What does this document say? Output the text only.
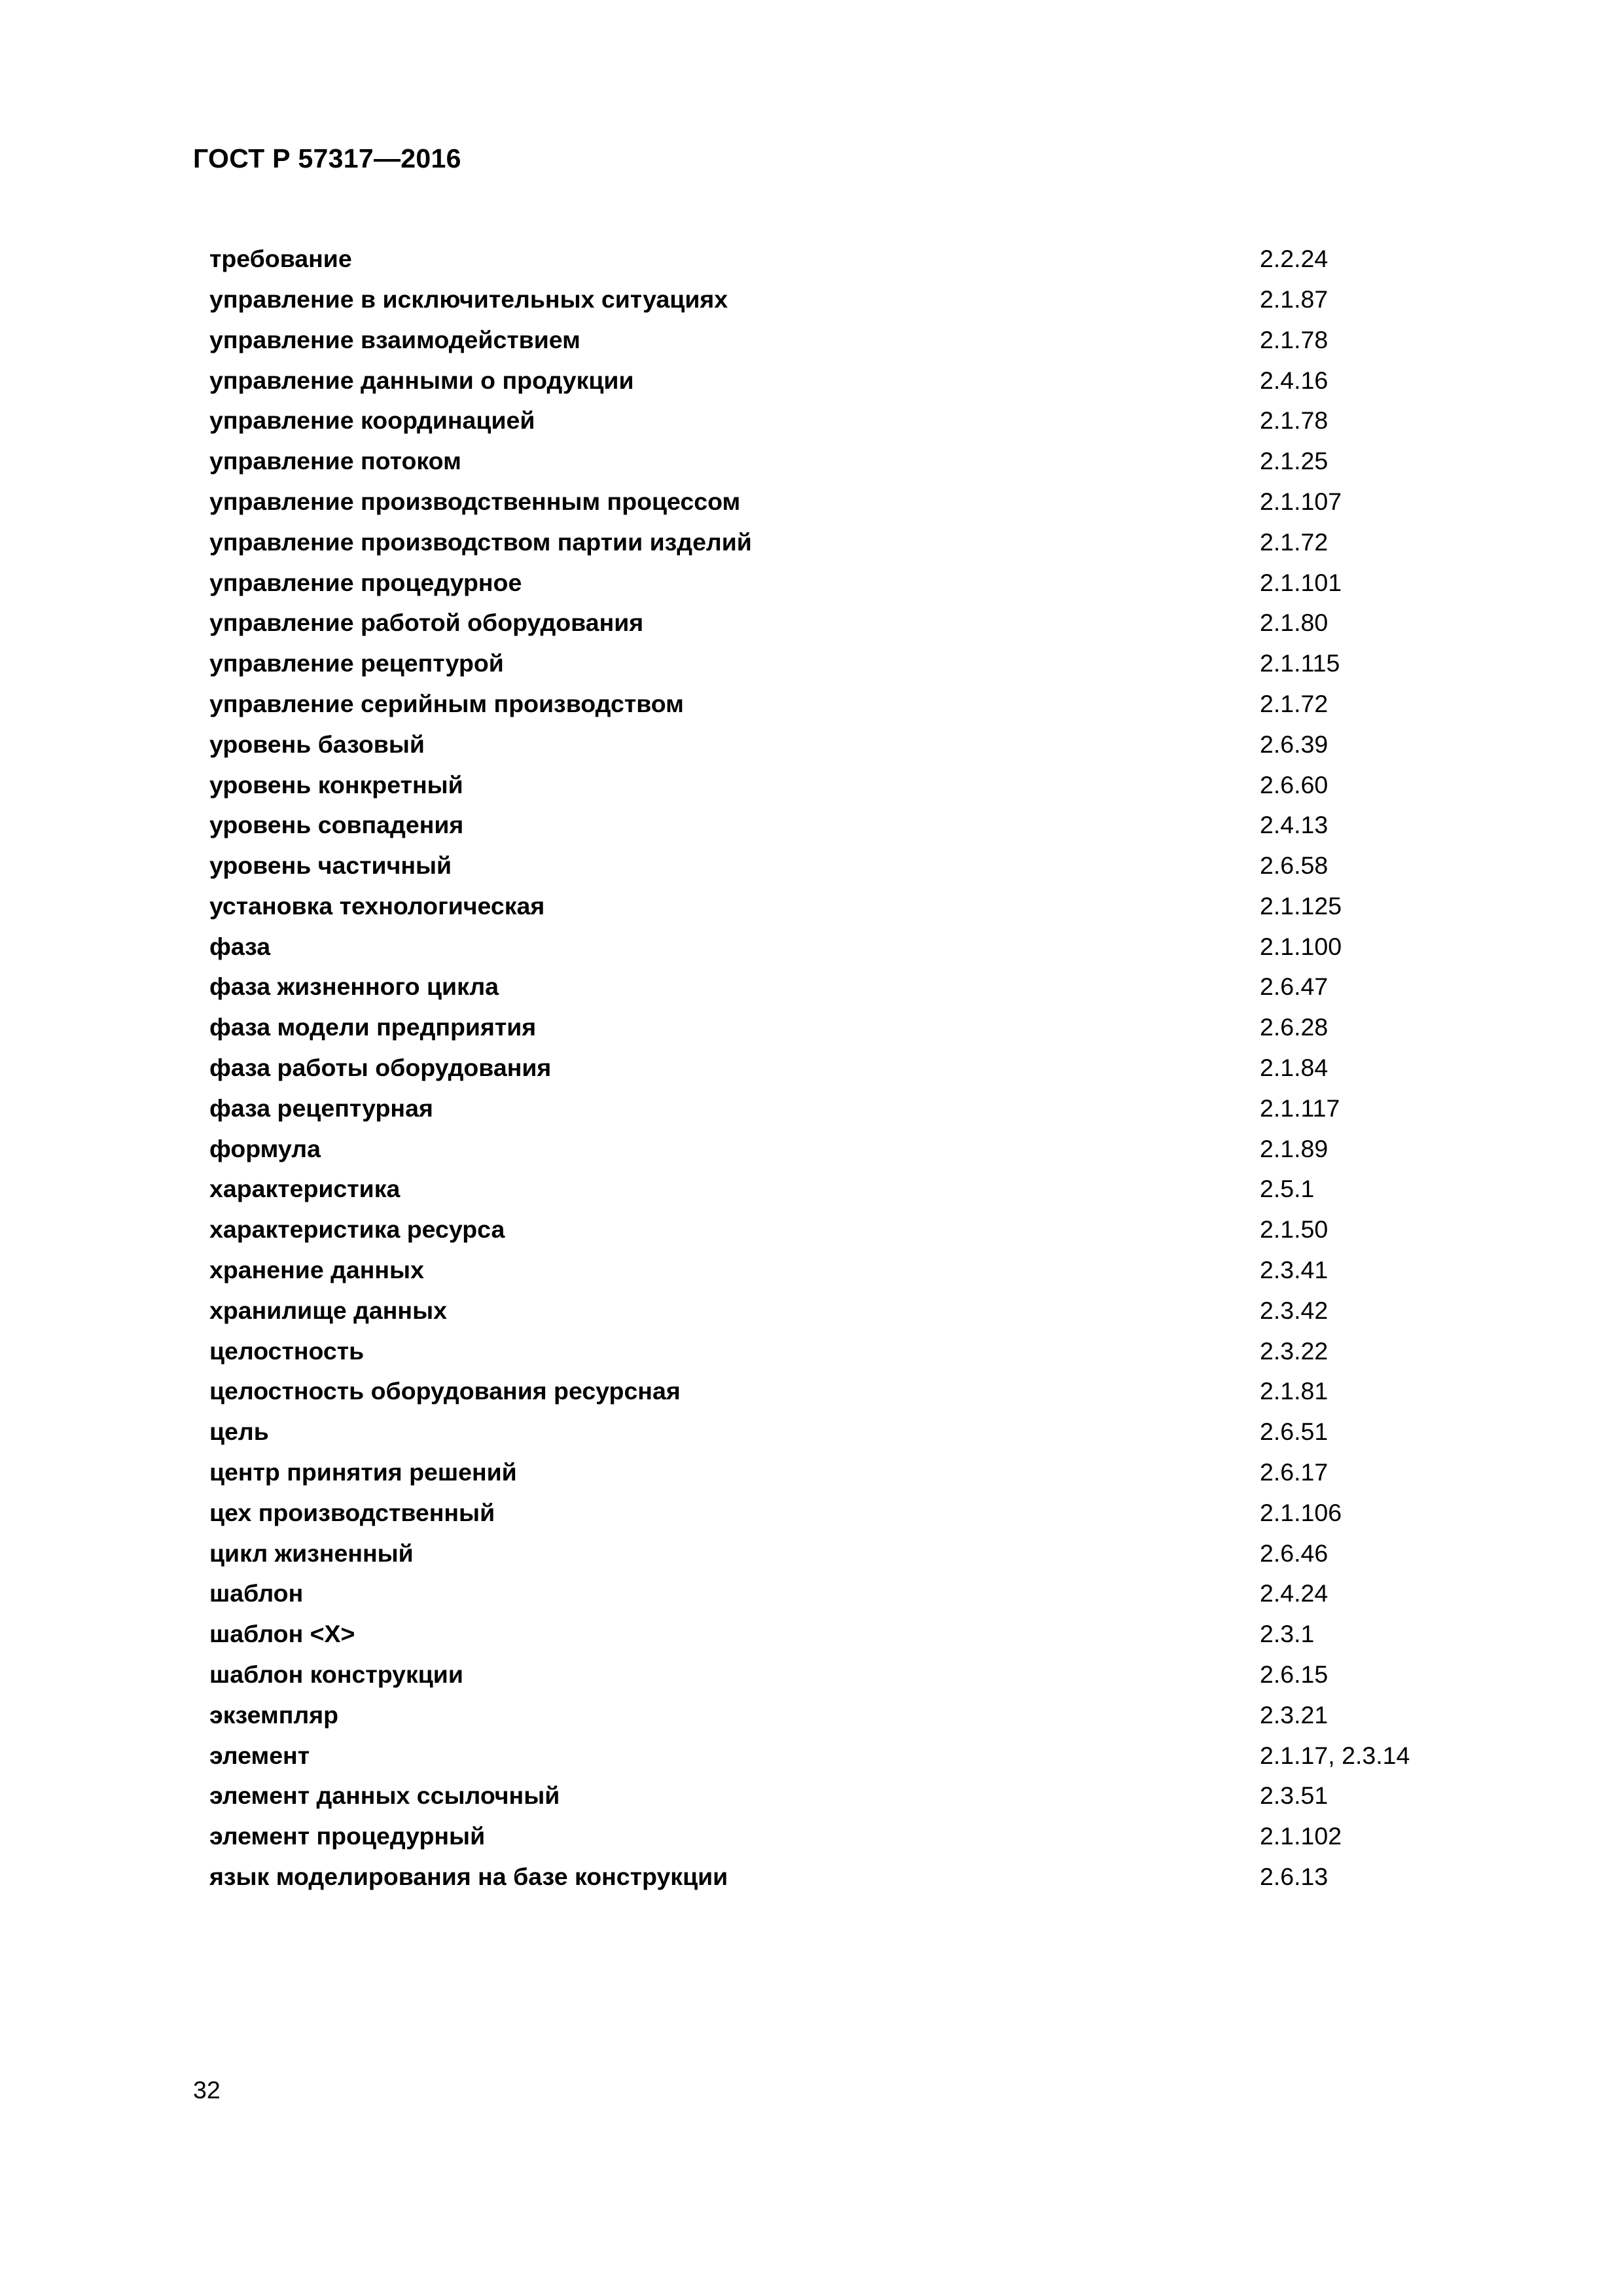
ГОСТ Р 57317—2016
требование	2.2.24
управление в исключительных ситуациях	2.1.87
управление взаимодействием	2.1.78
управление данными о продукции	2.4.16
управление координацией	2.1.78
управление потоком	2.1.25
управление производственным процессом	2.1.107
управление производством партии изделий	2.1.72
управление процедурное	2.1.101
управление работой оборудования	2.1.80
управление рецептурой	2.1.115
управление серийным производством	2.1.72
уровень базовый	2.6.39
уровень конкретный	2.6.60
уровень совпадения	2.4.13
уровень частичный	2.6.58
установка технологическая	2.1.125
фаза	2.1.100
фаза жизненного цикла	2.6.47
фаза модели предприятия	2.6.28
фаза работы оборудования	2.1.84
фаза рецептурная	2.1.117
формула	2.1.89
характеристика	2.5.1
характеристика ресурса	2.1.50
хранение данных	2.3.41
хранилище данных	2.3.42
целостность	2.3.22
целостность оборудования ресурсная	2.1.81
цель	2.6.51
центр принятия решений	2.6.17
цех производственный	2.1.106
цикл жизненный	2.6.46
шаблон	2.4.24
шаблон <X>	2.3.1
шаблон конструкции	2.6.15
экземпляр	2.3.21
элемент	2.1.17, 2.3.14
элемент данных ссылочный	2.3.51
элемент процедурный	2.1.102
язык моделирования на базе конструкции	2.6.13
32
